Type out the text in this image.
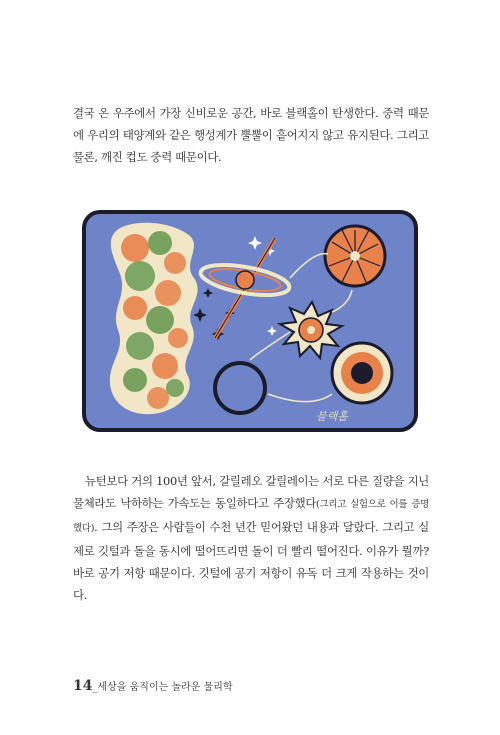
결국 온 우주에서 가장 신비로운 공간, 바로 블랙홀이 탄생한다. 중력 때문에 우리의 태양계와 같은 행성계가 뿔뿔이 흩어지지 않고 유지된다. 그리고 물론, 깨진 컵도 중력 때문이다.

블랙홀

뉴턴보다 거의 100년 앞서, 갈릴레오 갈릴레이는 서로 다른 질량을 지닌 물체라도 낙하하는 가속도는 동일하다고 주장했다(그리고 실험으로 이를 증명했다). 그의 주장은 사람들이 수천 년간 믿어왔던 내용과 달랐다. 그리고 실제로 깃털과 돌을 동시에 떨어뜨리면 돌이 더 빨리 떨어진다. 이유가 뭘까? 바로 공기 저항 때문이다. 깃털에 공기 저항이 유독 더 크게 작용하는 것이다.

14_세상을 움직이는 놀라운 물리학
